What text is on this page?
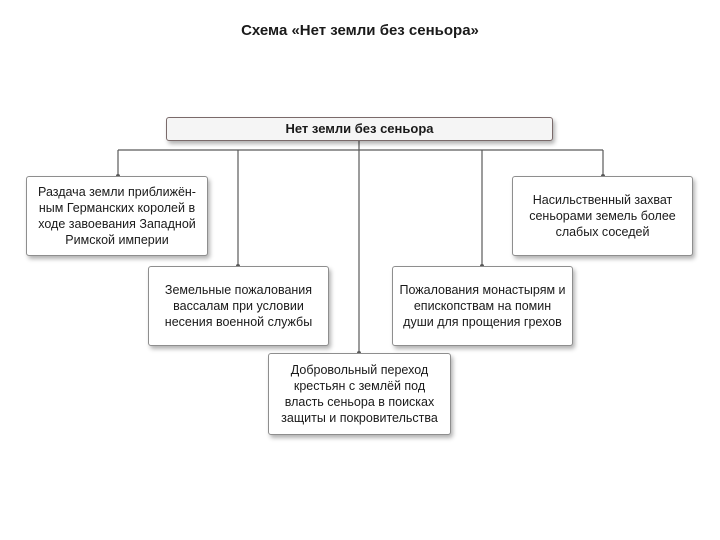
Схема «Нет земли без сеньора»
Нет земли без сеньора
Раздача земли приближён-ным Германских королей в ходе завоевания Западной Римской империи
Земельные пожалования вассалам при условии несения военной службы
Добровольный переход крестьян с землёй под власть сеньора в поисках защиты и покровительства
Пожалования монастырям и епископствам на помин души для прощения грехов
Насильственный захват сеньорами земель более слабых соседей
